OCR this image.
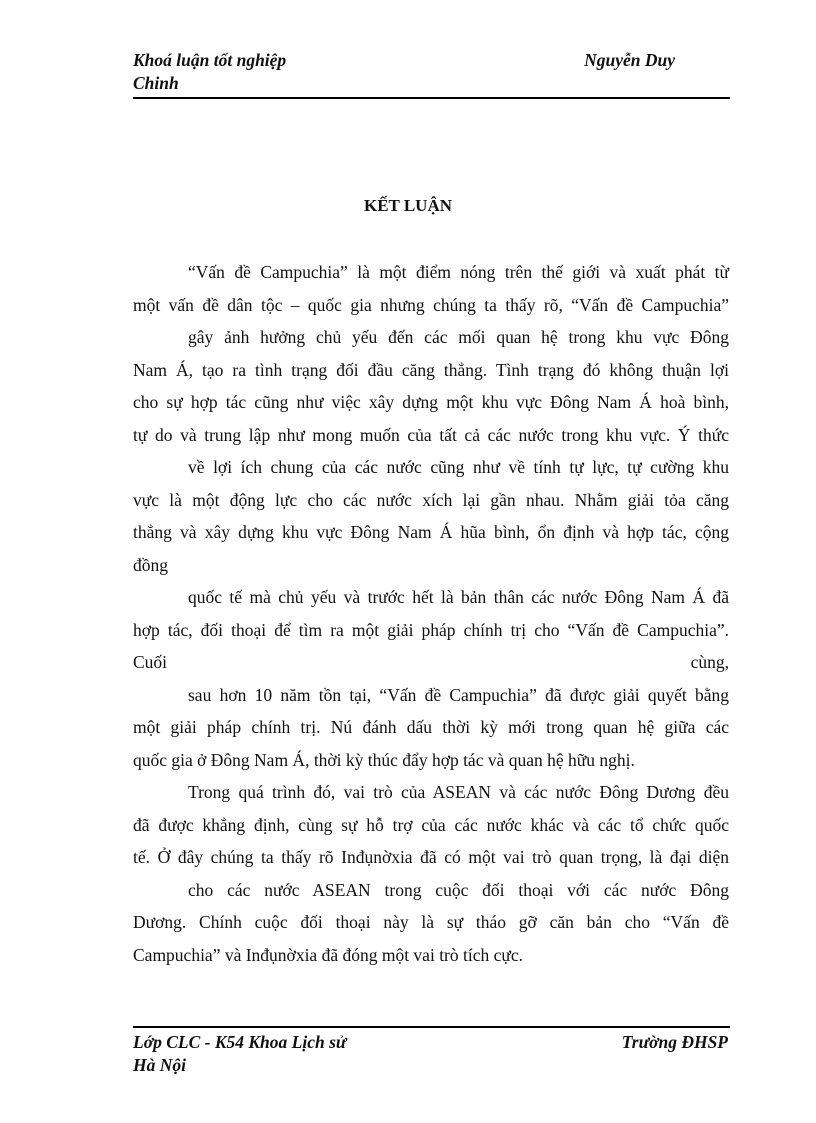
Khoá luận tốt nghiệp
Chinh
Nguyễn Duy
KẾT LUẬN
“Vấn đề Campuchia” là một điểm nóng trên thế giới và xuất phát từ
một vấn đề dân tộc – quốc gia nhưng chúng ta thấy rõ, “Vấn đề Campuchia”
gây ảnh hưởng chủ yếu đến các mối quan hệ trong khu vực Đông
Nam Á, tạo ra tình trạng đối đầu căng thẳng. Tình trạng đó không thuận lợi
cho sự hợp tác cũng như việc xây dựng một khu vực Đông Nam Á hoà bình,
tự do và trung lập như mong muốn của tất cả các nước trong khu vực. Ý thức
về lợi ích chung của các nước cũng như về tính tự lực, tự cường khu
vực là một động lực cho các nước xích lại gần nhau. Nhằm giải tỏa căng
thẳng và xây dựng khu vực Đông Nam Á hũa bình, ổn định và hợp tác, cộng
đồng
quốc tế mà chủ yếu và trước hết là bản thân các nước Đông Nam Á đã
hợp tác, đối thoại để tìm ra một giải pháp chính trị cho “Vấn đề Campuchia”.
Cuối cùng,
sau hơn 10 năm tồn tại, “Vấn đề Campuchia” đã được giải quyết bằng
một giải pháp chính trị. Nú đánh dấu thời kỳ mới trong quan hệ giữa các
quốc gia ở Đông Nam Á, thời kỳ thúc đẩy hợp tác và quan hệ hữu nghị.
Trong quá trình đó, vai trò của ASEAN và các nước Đông Dương đều
đã được khẳng định, cùng sự hỗ trợ của các nước khác và các tổ chức quốc
tế. Ở đây chúng ta thấy rõ Inđụnờxia đã có một vai trò quan trọng, là đại diện
cho các nước ASEAN trong cuộc đối thoại với các nước Đông
Dương. Chính cuộc đối thoại này là sự tháo gỡ căn bản cho “Vấn đề
Campuchia” và Inđụnờxia đã đóng một vai trò tích cực.
Lớp CLC - K54 Khoa Lịch sử
Hà Nội
Trường ĐHSP
